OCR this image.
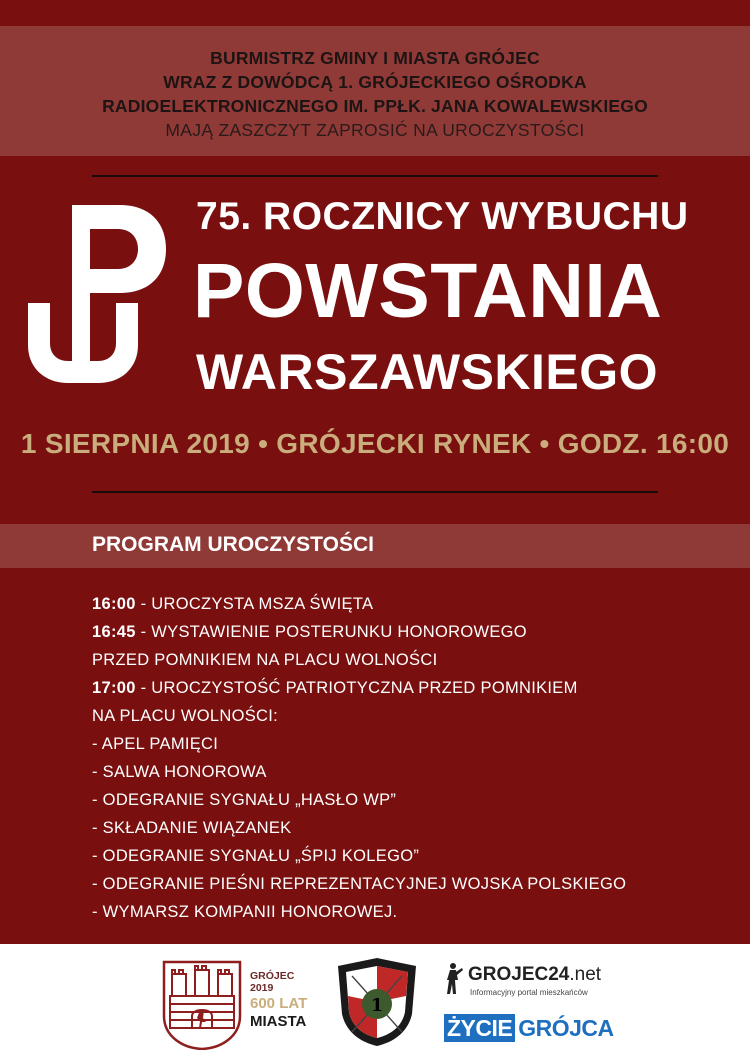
BURMISTRZ GMINY I MIASTA GRÓJEC
WRAZ Z DOWÓDCĄ 1. GRÓJECKIEGO OŚRODKA
RADIOELEKTRONICZNEGO IM. PPŁK. JANA KOWALEWSKIEGO
MAJĄ ZASZCZYT ZAPROSIĆ NA UROCZYSTOŚCI
75. ROCZNICY WYBUCHU
POWSTANIA
WARSZAWSKIEGO
1 SIERPNIA 2019 • GRÓJECKI RYNEK • GODZ. 16:00
PROGRAM UROCZYSTOŚCI
16:00 - UROCZYSTA MSZA ŚWIĘTA
16:45 - WYSTAWIENIE POSTERUNKU HONOROWEGO
PRZED POMNIKIEM NA PLACU WOLNOŚCI
17:00 - UROCZYSTOŚĆ PATRIOTYCZNA PRZED POMNIKIEM
NA PLACU WOLNOŚCI:
- APEL PAMIĘCI
- SALWA HONOROWA
- ODEGRANIE SYGNAŁU „HASŁO WP”
- SKŁADANIE WIĄZANEK
- ODEGRANIE SYGNAŁU „ŚPIJ KOLEGO”
- ODEGRANIE PIEŚNI REPREZENTACYJNEJ WOJSKA POLSKIEGO
- WYMARSZ KOMPANII HONOROWEJ.
GRÓJEC 2019
600 LAT
MIASTA
1
GROJEC24.net
Informacyjny portal mieszkańców
ŻYCIE GRÓJCA
